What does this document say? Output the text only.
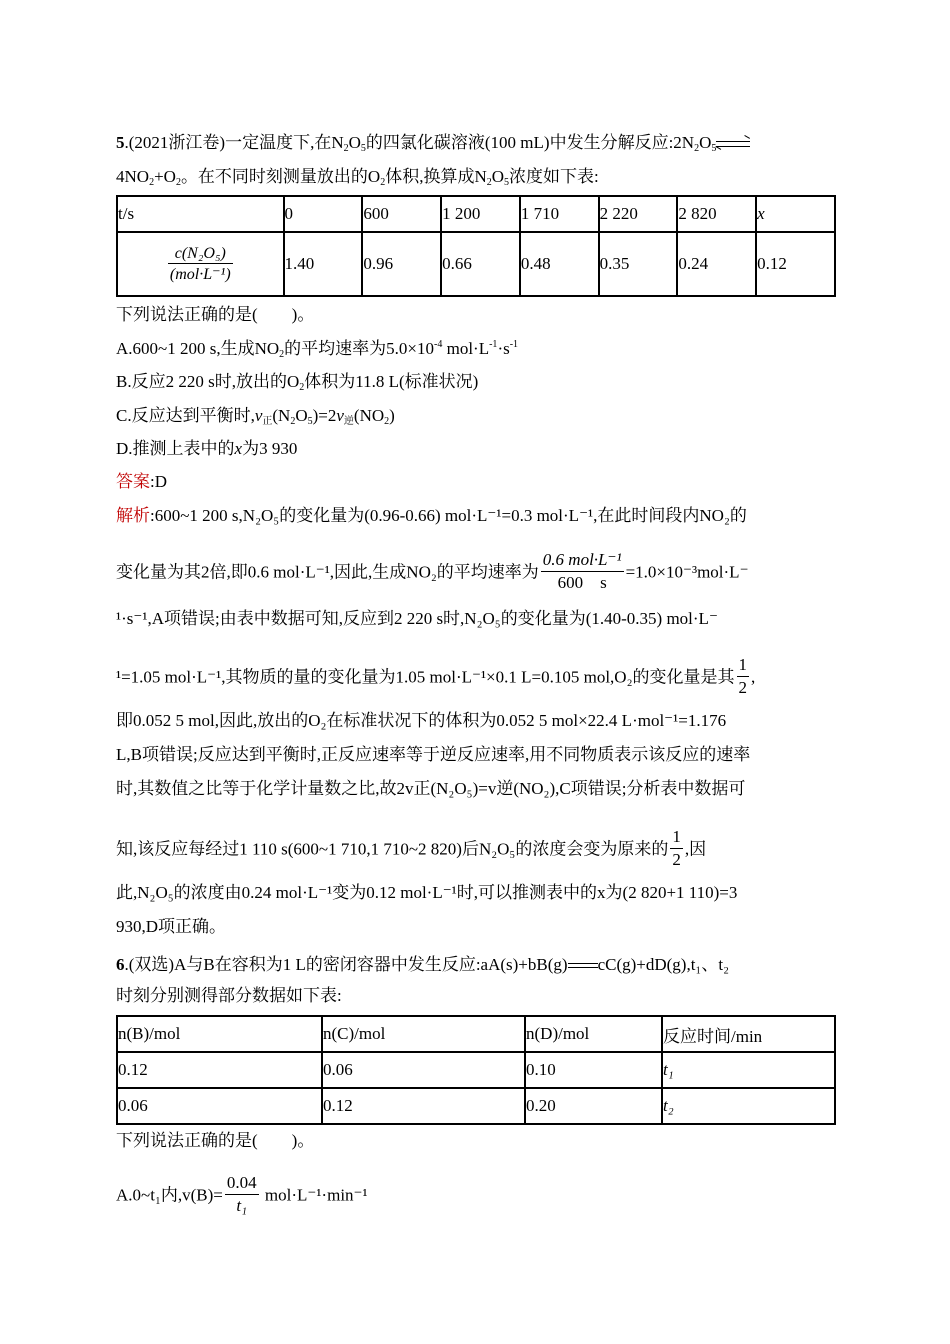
5.(2021浙江卷)一定温度下,在$N_2O_5$的四氯化碳溶液(100 mL)中发生分解反应$:2N_2O_5\rightleftharpoons$
$4NO_2+O_2$。在不同时刻测量放出的$O_2$体积,换算成$N_2O_5$浓度如下表:
t/s	0	600	1 200	1 710	2 220	2 820	x

$\frac{\text{c(N₂O₅)}}{\text{(mol·L⁻¹)}}$	1.40	0.96	0.66	0.48	0.35	0.24	0.12
下列说法正确的是(　　)。
A.600~1 200 s,生成$NO_2$的平均速率为$5.0\times 10^{-4}$ $mol\cdot L^{-1}\cdot s^{-1}$
B.反应2 220 s时,放出的$O_2$体积为11.8 L(标准状况)
C.反应达到平衡时$,v_正(N_2O_5)=2v_逆(NO_2)$
D.推测上表中的x为3 930
答案:D
解析:600~1 200 s,N₂O₅的变化量为(0.96-0.66) mol·L⁻¹=0.3 mol·L⁻¹,在此时间段内NO₂的
变化量为其2倍,即0.6 mol·L⁻¹,因此,生成NO₂的平均速率为 $\frac{\text{0.6 mol·L⁻¹}}{600 s} =1.0\times 10^{-3}mol\cdot L^-$
¹·s⁻¹,A项错误;由表中数据可知,反应到2 220 s时,N₂O₅的变化量为(1.40-0.35) mol·L⁻
¹=1.05 mol·L⁻¹,其物质的量的变化量为1.05 mol·L⁻¹×0.1 L=0.105 mol,O₂的变化量是其 $\frac{1}{2}$ ,
即0.052 5 mol,因此,放出的O₂在标准状况下的体积为0.052 5 mol×22.4 L·mol⁻¹=1.176
L,B项错误;反应达到平衡时,正反应速率等于逆反应速率,用不同物质表示该反应的速率
时,其数值之比等于化学计量数之比,故2v正(N₂O₅)=v逆(NO₂),C项错误;分析表中数据可
知,该反应每经过1 110 s(600~1 710,1 710~2 820)后N₂O₅的浓度会变为原来的 $\frac{1}{2}$ ,因
此,N₂O₅的浓度由0.24 mol·L⁻¹变为0.12 mol·L⁻¹时,可以推测表中的x为(2 820+1 110)=3
930,D项正确。
6.(双选)A与B在容积为1 L的密闭容器中发生反应:aA(s)+bB(g) cC(g)+dD(g),t₁、t₂
时刻分别测得部分数据如下表:
n(B)/mol	n(C)/mol	n(D)/mol	反应时间/min
0.12	0.06	0.10	t₁
0.06	0.12	0.20	t₂
下列说法正确的是(　　)。
A.0~t₁内$,v(B)= \frac{0.04}{\text{t₁}} mol\cdot L^{-1}\cdot\min^{-1}$
